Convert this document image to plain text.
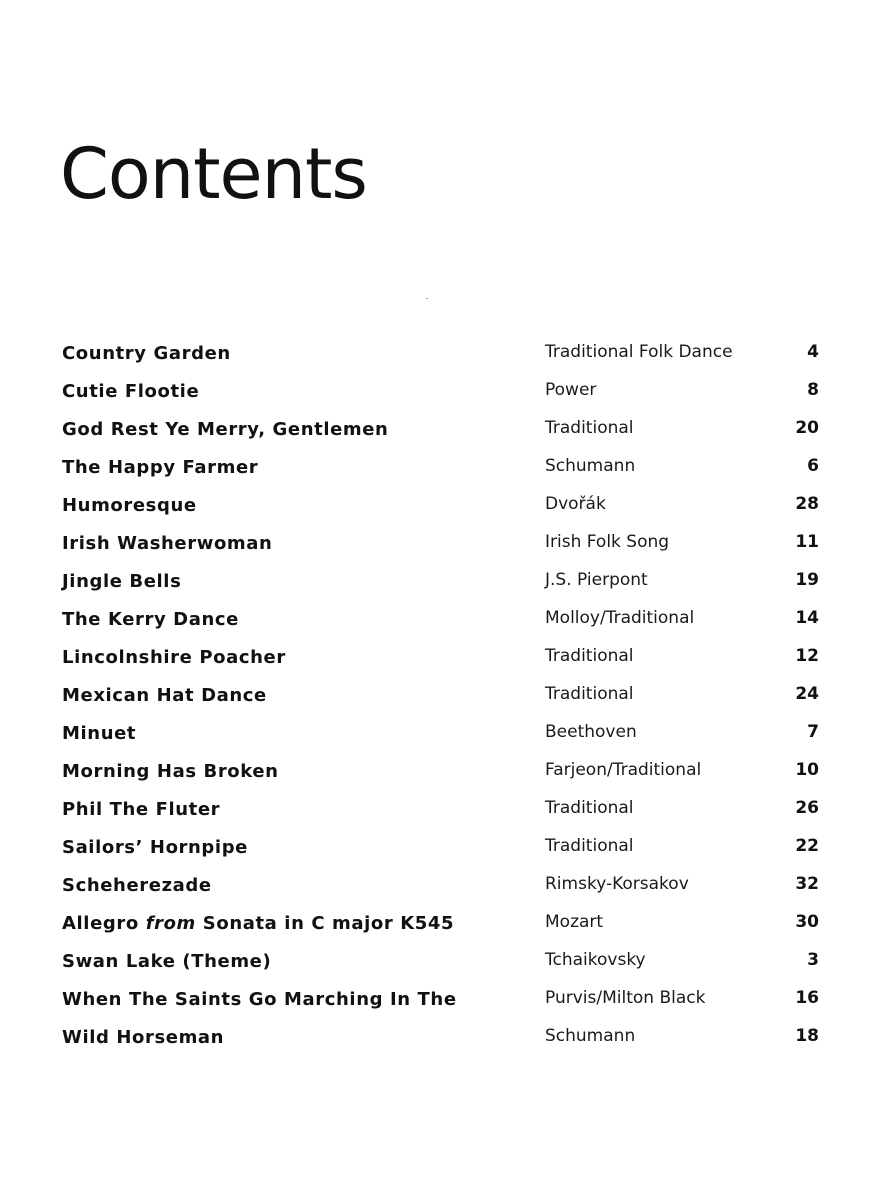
Contents
Country Garden	Traditional Folk Dance	4
Cutie Flootie	Power	8
God Rest Ye Merry, Gentlemen	Traditional	20
The Happy Farmer	Schumann	6
Humoresque	Dvořák	28
Irish Washerwoman	Irish Folk Song	11
Jingle Bells	J.S. Pierpont	19
The Kerry Dance	Molloy/Traditional	14
Lincolnshire Poacher	Traditional	12
Mexican Hat Dance	Traditional	24
Minuet	Beethoven	7
Morning Has Broken	Farjeon/Traditional	10
Phil The Fluter	Traditional	26
Sailors’ Hornpipe	Traditional	22
Scheherezade	Rimsky-Korsakov	32
Allegro from Sonata in C major K545	Mozart	30
Swan Lake (Theme)	Tchaikovsky	3
When The Saints Go Marching In The	Purvis/Milton Black	16
Wild Horseman	Schumann	18
